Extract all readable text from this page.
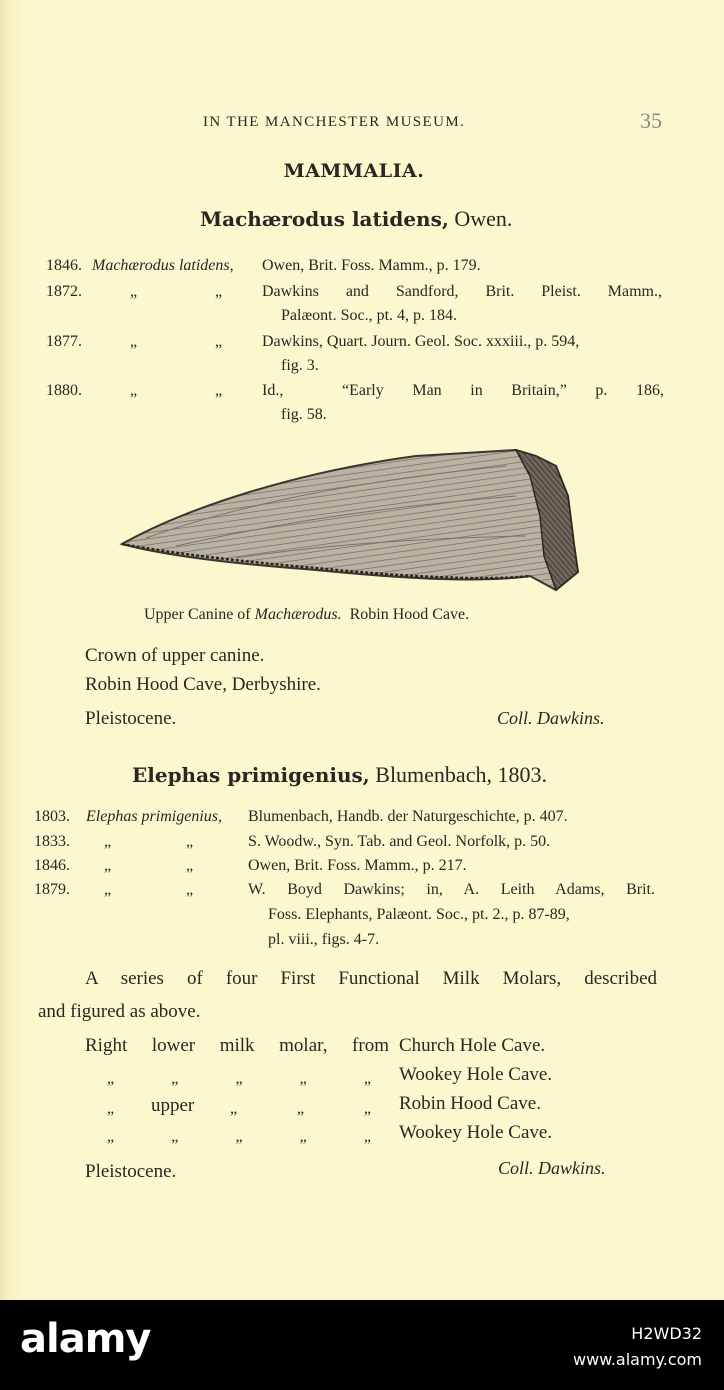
IN THE MANCHESTER MUSEUM.	35
MAMMALIA.
Machærodus latidens, Owen.
1846. Machærodus latidens, Owen, Brit. Foss. Mamm., p. 179.
1872.	„	„ Dawkins and Sandford, Brit. Pleist. Mamm.,
Palæont. Soc., pt. 4, p. 184.
1877.	„	„ Dawkins, Quart. Journ. Geol. Soc. xxxiii., p. 594,
fig. 3.
1880.	„	„ Id.,	“Early Man in Britain,” p. 186,
fig. 58.
Upper Canine of Machærodus. Robin Hood Cave.
Crown of upper canine.
Robin Hood Cave, Derbyshire.
Pleistocene.	Coll. Dawkins.
Elephas primigenius, Blumenbach, 1803.
1803. Elephas primigenius, Blumenbach, Handb. der Naturgeschichte, p. 407.
1833. „	„	S. Woodw., Syn. Tab. and Geol. Norfolk, p. 50.
1846. „	„	Owen, Brit. Foss. Mamm., p. 217.
1879. „	„	W. Boyd Dawkins; in, A. Leith Adams, Brit.
Foss. Elephants, Palæont. Soc., pt. 2., p. 87-89,
pl. viii., figs. 4-7.
A series of four First Functional Milk Molars, described
and figured as above.
Right lower milk molar, from Church Hole Cave.
„ „ „ „ „ Wookey Hole Cave.
„ upper „ „ „ Robin Hood Cave.
„ „ „ „ „ Wookey Hole Cave.
Pleistocene.	Coll. Dawkins.
alamy	H2WD32
www.alamy.com
